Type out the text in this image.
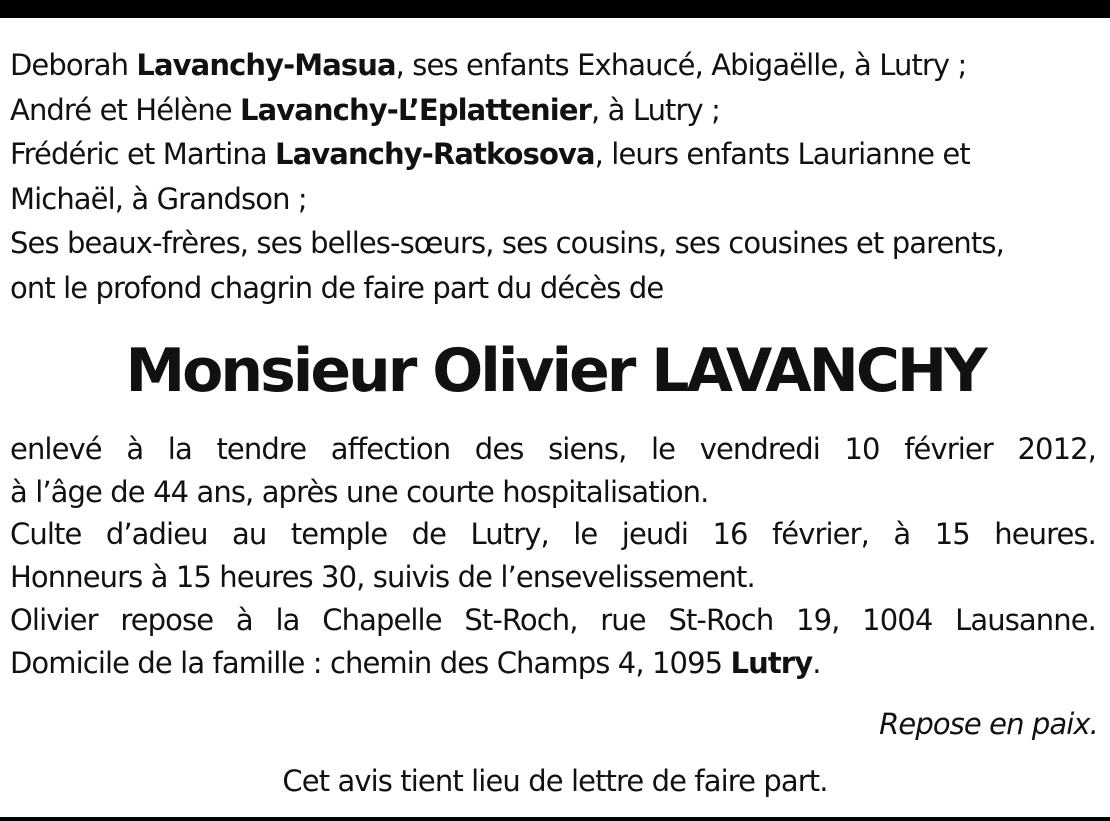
Deborah Lavanchy-Masua, ses enfants Exhaucé, Abigaëlle, à Lutry ;
André et Hélène Lavanchy-L’Eplattenier, à Lutry ;
Frédéric et Martina Lavanchy-Ratkosova, leurs enfants Laurianne et
Michaël, à Grandson ;
Ses beaux-frères, ses belles-sœurs, ses cousins, ses cousines et parents,
ont le profond chagrin de faire part du décès de
Monsieur Olivier LAVANCHY
enlevé à la tendre affection des siens, le vendredi 10 février 2012,
à l’âge de 44 ans, après une courte hospitalisation.
Culte d’adieu au temple de Lutry, le jeudi 16 février, à 15 heures.
Honneurs à 15 heures 30, suivis de l’ensevelissement.
Olivier repose à la Chapelle St-Roch, rue St-Roch 19, 1004 Lausanne.
Domicile de la famille : chemin des Champs 4, 1095 Lutry.
Repose en paix.
Cet avis tient lieu de lettre de faire part.
